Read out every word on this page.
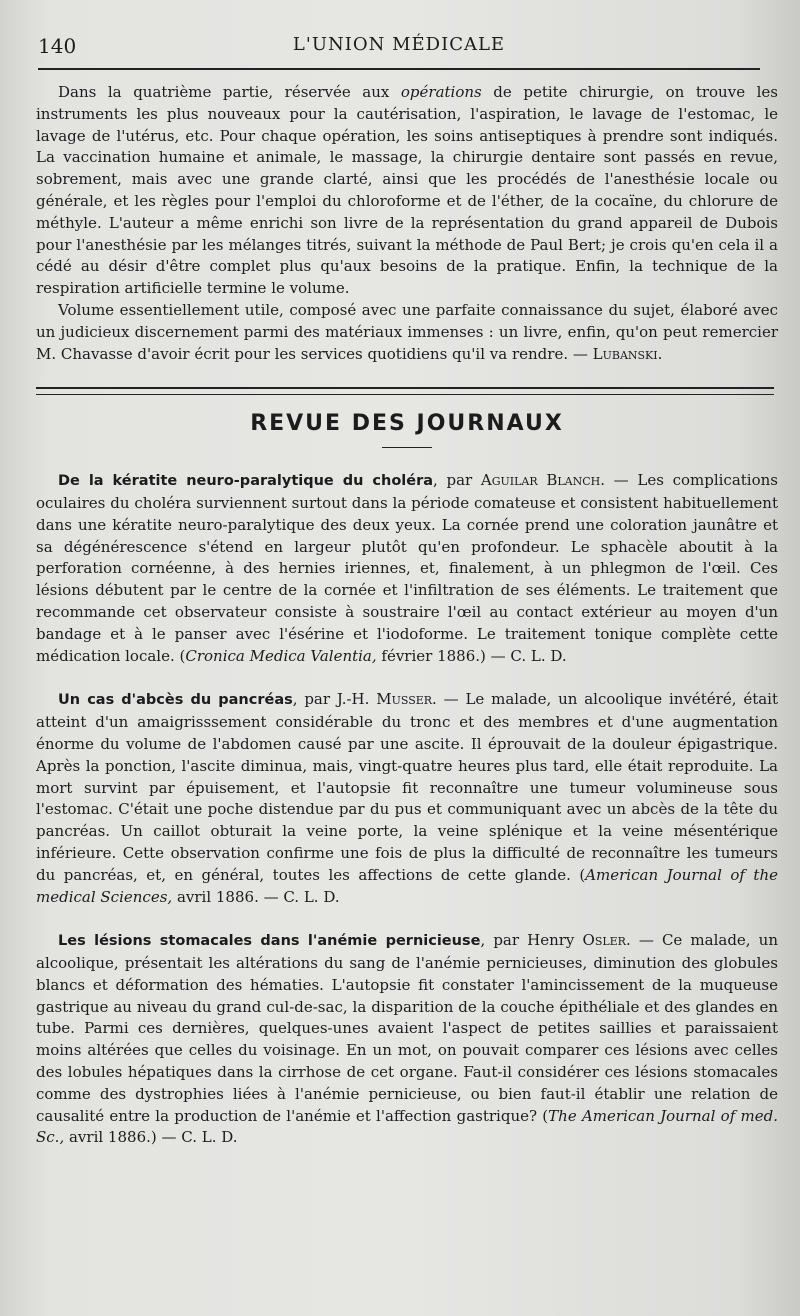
140	L'UNION MÉDICALE

Dans la quatrième partie, réservée aux opérations de petite chirurgie, on trouve les instruments les plus nouveaux pour la cautérisation, l'aspiration, le lavage de l'estomac, le lavage de l'utérus, etc. Pour chaque opération, les soins antiseptiques à prendre sont indiqués. La vaccination humaine et animale, le massage, la chirurgie dentaire sont passés en revue, sobrement, mais avec une grande clarté, ainsi que les procédés de l'anesthésie locale ou générale, et les règles pour l'emploi du chloroforme et de l'éther, de la cocaïne, du chlorure de méthyle. L'auteur a même enrichi son livre de la représentation du grand appareil de Dubois pour l'anesthésie par les mélanges titrés, suivant la méthode de Paul Bert; je crois qu'en cela il a cédé au désir d'être complet plus qu'aux besoins de la pratique. Enfin, la technique de la respiration artificielle termine le volume.

Volume essentiellement utile, composé avec une parfaite connaissance du sujet, élaboré avec un judicieux discernement parmi des matériaux immenses : un livre, enfin, qu'on peut remercier M. Chavasse d'avoir écrit pour les services quotidiens qu'il va rendre. — Lubanski.

REVUE DES JOURNAUX

De la kératite neuro-paralytique du choléra, par Aguilar Blanch. — Les complications oculaires du choléra surviennent surtout dans la période comateuse et consistent habituellement dans une kératite neuro-paralytique des deux yeux. La cornée prend une coloration jaunâtre et sa dégénérescence s'étend en largeur plutôt qu'en profondeur. Le sphacèle aboutit à la perforation cornéenne, à des hernies iriennes, et, finalement, à un phlegmon de l'œil. Ces lésions débutent par le centre de la cornée et l'infiltration de ses éléments. Le traitement que recommande cet observateur consiste à soustraire l'œil au contact extérieur au moyen d'un bandage et à le panser avec l'ésérine et l'iodoforme. Le traitement tonique complète cette médication locale. (Cronica Medica Valentia, février 1886.) — C. L. D.

Un cas d'abcès du pancréas, par J.-H. Musser. — Le malade, un alcoolique invétéré, était atteint d'un amaigrisssement considérable du tronc et des membres et d'une augmentation énorme du volume de l'abdomen causé par une ascite. Il éprouvait de la douleur épigastrique. Après la ponction, l'ascite diminua, mais, vingt-quatre heures plus tard, elle était reproduite. La mort survint par épuisement, et l'autopsie fit reconnaître une tumeur volumineuse sous l'estomac. C'était une poche distendue par du pus et communiquant avec un abcès de la tête du pancréas. Un caillot obturait la veine porte, la veine splénique et la veine mésentérique inférieure. Cette observation confirme une fois de plus la difficulté de reconnaître les tumeurs du pancréas, et, en général, toutes les affections de cette glande. (American Journal of the medical Sciences, avril 1886. — C. L. D.

Les lésions stomacales dans l'anémie pernicieuse, par Henry Osler. — Ce malade, un alcoolique, présentait les altérations du sang de l'anémie pernicieuses, diminution des globules blancs et déformation des hématies. L'autopsie fit constater l'amincissement de la muqueuse gastrique au niveau du grand cul-de-sac, la disparition de la couche épithéliale et des glandes en tube. Parmi ces dernières, quelques-unes avaient l'aspect de petites saillies et paraissaient moins altérées que celles du voisinage. En un mot, on pouvait comparer ces lésions avec celles des lobules hépatiques dans la cirrhose de cet organe. Faut-il considérer ces lésions stomacales comme des dystrophies liées à l'anémie pernicieuse, ou bien faut-il établir une relation de causalité entre la production de l'anémie et l'affection gastrique? (The American Journal of med. Sc., avril 1886.) — C. L. D.
